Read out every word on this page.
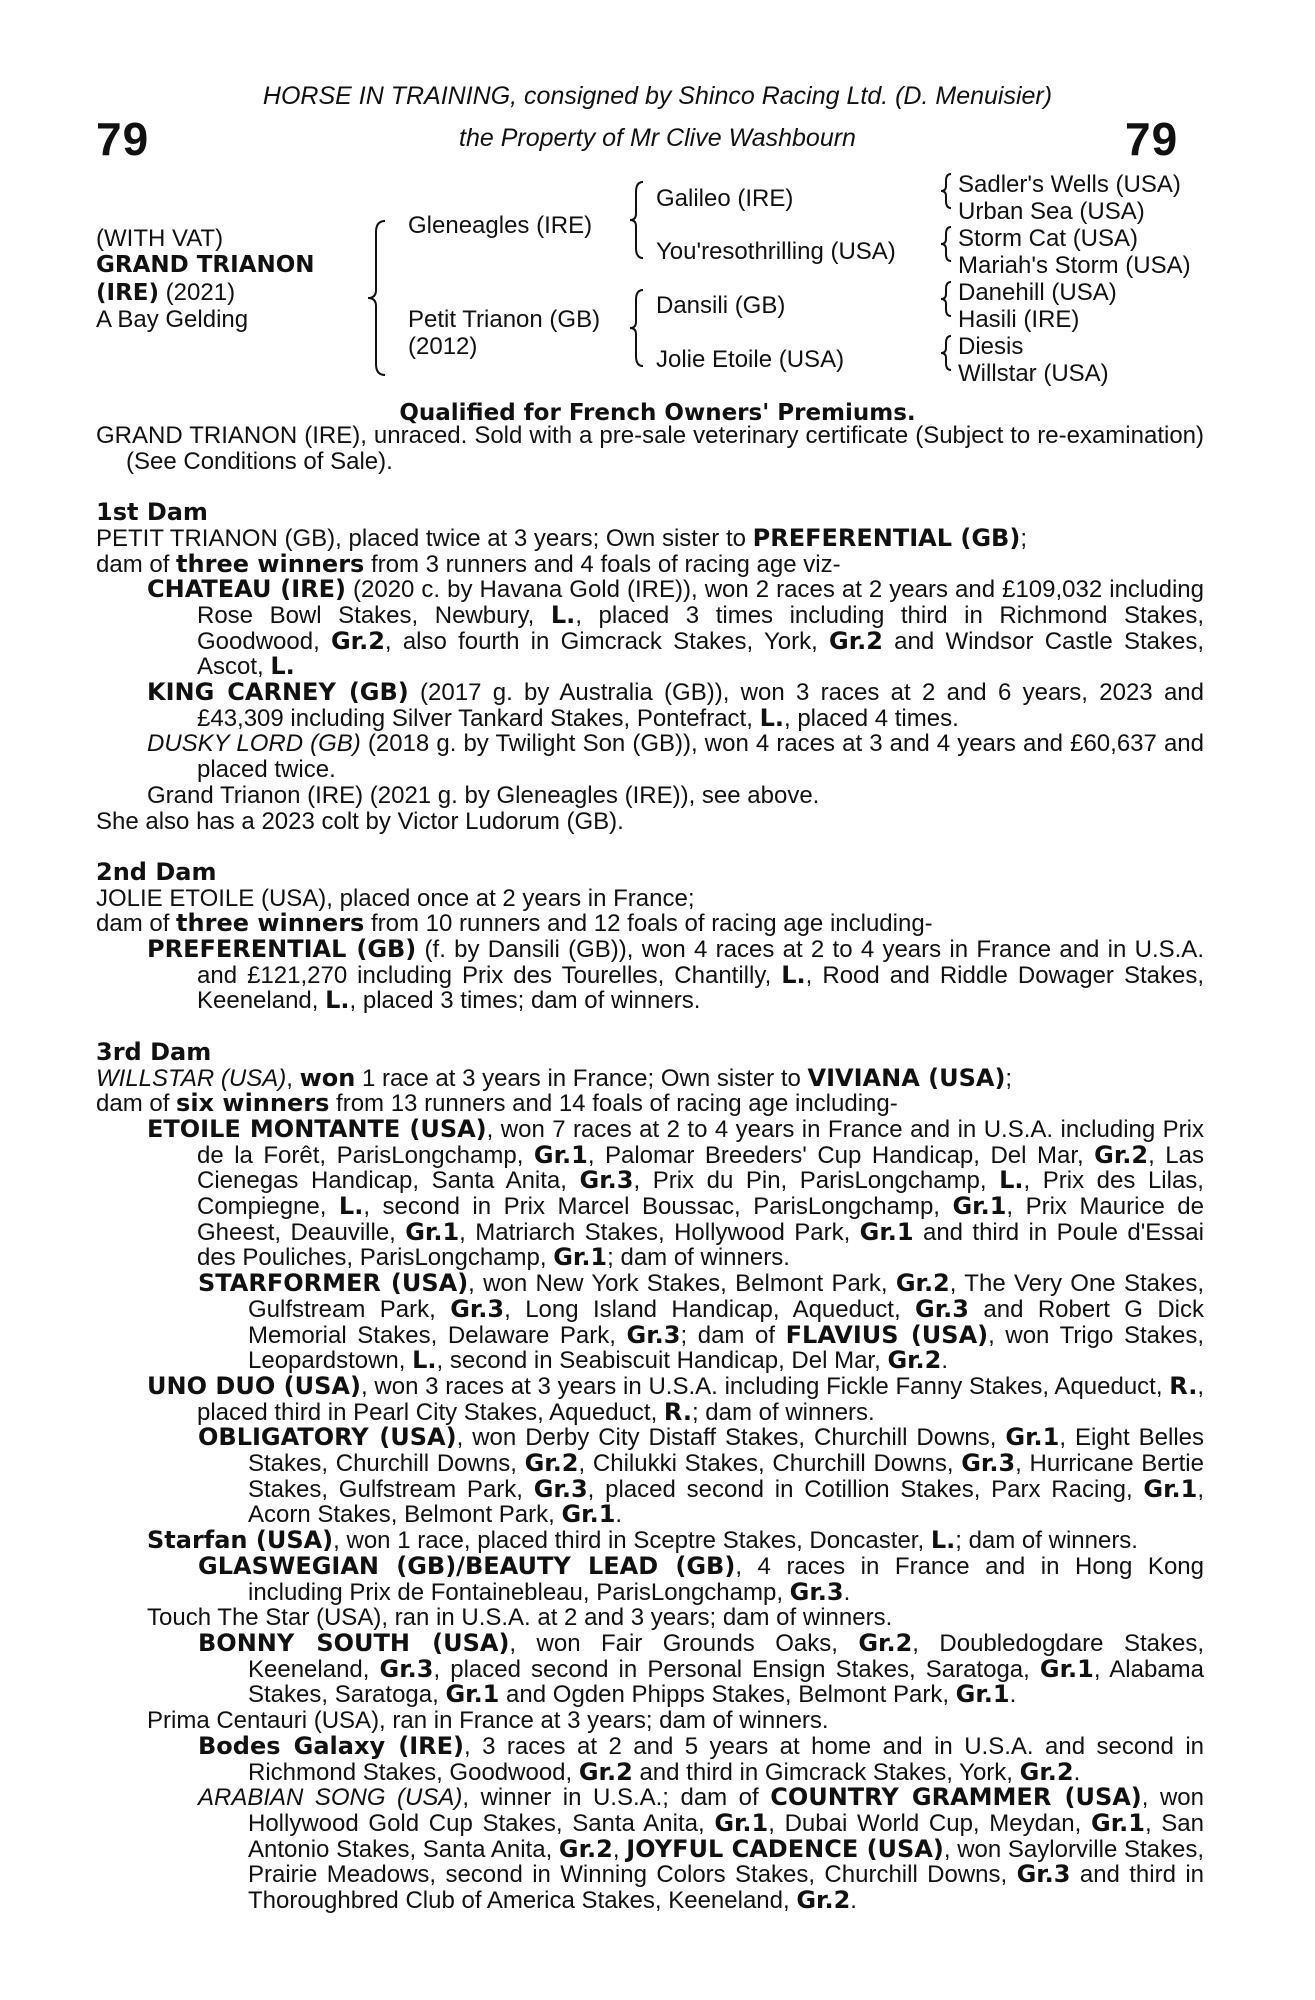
79	79
HORSE IN TRAINING, consigned by Shinco Racing Ltd. (D. Menuisier)
the Property of Mr Clive Washbourn
(WITH VAT)
GRAND TRIANON
(IRE) (2021)
A Bay Gelding
Gleneagles (IRE)
Petit Trianon (GB)
(2012)
Galileo (IRE)
You'resothrilling (USA)
Dansili (GB)
Jolie Etoile (USA)
Sadler's Wells (USA)
Urban Sea (USA)
Storm Cat (USA)
Mariah's Storm (USA)
Danehill (USA)
Hasili (IRE)
Diesis
Willstar (USA)
Qualified for French Owners' Premiums.
GRAND TRIANON (IRE), unraced. Sold with a pre-sale veterinary certificate (Subject to re-examination) (See Conditions of Sale).
1st Dam
PETIT TRIANON (GB), placed twice at 3 years; Own sister to PREFERENTIAL (GB);
dam of three winners from 3 runners and 4 foals of racing age viz-
CHATEAU (IRE) (2020 c. by Havana Gold (IRE)), won 2 races at 2 years and £109,032 including Rose Bowl Stakes, Newbury, L., placed 3 times including third in Richmond Stakes, Goodwood, Gr.2, also fourth in Gimcrack Stakes, York, Gr.2 and Windsor Castle Stakes, Ascot, L.
KING CARNEY (GB) (2017 g. by Australia (GB)), won 3 races at 2 and 6 years, 2023 and £43,309 including Silver Tankard Stakes, Pontefract, L., placed 4 times.
DUSKY LORD (GB) (2018 g. by Twilight Son (GB)), won 4 races at 3 and 4 years and £60,637 and placed twice.
Grand Trianon (IRE) (2021 g. by Gleneagles (IRE)), see above.
She also has a 2023 colt by Victor Ludorum (GB).
2nd Dam
JOLIE ETOILE (USA), placed once at 2 years in France;
dam of three winners from 10 runners and 12 foals of racing age including-
PREFERENTIAL (GB) (f. by Dansili (GB)), won 4 races at 2 to 4 years in France and in U.S.A. and £121,270 including Prix des Tourelles, Chantilly, L., Rood and Riddle Dowager Stakes, Keeneland, L., placed 3 times; dam of winners.
3rd Dam
WILLSTAR (USA), won 1 race at 3 years in France; Own sister to VIVIANA (USA);
dam of six winners from 13 runners and 14 foals of racing age including-
ETOILE MONTANTE (USA), won 7 races at 2 to 4 years in France and in U.S.A. including Prix de la Forêt, ParisLongchamp, Gr.1, Palomar Breeders' Cup Handicap, Del Mar, Gr.2, Las Cienegas Handicap, Santa Anita, Gr.3, Prix du Pin, ParisLongchamp, L., Prix des Lilas, Compiegne, L., second in Prix Marcel Boussac, ParisLongchamp, Gr.1, Prix Maurice de Gheest, Deauville, Gr.1, Matriarch Stakes, Hollywood Park, Gr.1 and third in Poule d'Essai des Pouliches, ParisLongchamp, Gr.1; dam of winners.
STARFORMER (USA), won New York Stakes, Belmont Park, Gr.2, The Very One Stakes, Gulfstream Park, Gr.3, Long Island Handicap, Aqueduct, Gr.3 and Robert G Dick Memorial Stakes, Delaware Park, Gr.3; dam of FLAVIUS (USA), won Trigo Stakes, Leopardstown, L., second in Seabiscuit Handicap, Del Mar, Gr.2.
UNO DUO (USA), won 3 races at 3 years in U.S.A. including Fickle Fanny Stakes, Aqueduct, R., placed third in Pearl City Stakes, Aqueduct, R.; dam of winners.
OBLIGATORY (USA), won Derby City Distaff Stakes, Churchill Downs, Gr.1, Eight Belles Stakes, Churchill Downs, Gr.2, Chilukki Stakes, Churchill Downs, Gr.3, Hurricane Bertie Stakes, Gulfstream Park, Gr.3, placed second in Cotillion Stakes, Parx Racing, Gr.1, Acorn Stakes, Belmont Park, Gr.1.
Starfan (USA), won 1 race, placed third in Sceptre Stakes, Doncaster, L.; dam of winners.
GLASWEGIAN (GB)/BEAUTY LEAD (GB), 4 races in France and in Hong Kong including Prix de Fontainebleau, ParisLongchamp, Gr.3.
Touch The Star (USA), ran in U.S.A. at 2 and 3 years; dam of winners.
BONNY SOUTH (USA), won Fair Grounds Oaks, Gr.2, Doubledogdare Stakes, Keeneland, Gr.3, placed second in Personal Ensign Stakes, Saratoga, Gr.1, Alabama Stakes, Saratoga, Gr.1 and Ogden Phipps Stakes, Belmont Park, Gr.1.
Prima Centauri (USA), ran in France at 3 years; dam of winners.
Bodes Galaxy (IRE), 3 races at 2 and 5 years at home and in U.S.A. and second in Richmond Stakes, Goodwood, Gr.2 and third in Gimcrack Stakes, York, Gr.2.
ARABIAN SONG (USA), winner in U.S.A.; dam of COUNTRY GRAMMER (USA), won Hollywood Gold Cup Stakes, Santa Anita, Gr.1, Dubai World Cup, Meydan, Gr.1, San Antonio Stakes, Santa Anita, Gr.2, JOYFUL CADENCE (USA), won Saylorville Stakes, Prairie Meadows, second in Winning Colors Stakes, Churchill Downs, Gr.3 and third in Thoroughbred Club of America Stakes, Keeneland, Gr.2.
